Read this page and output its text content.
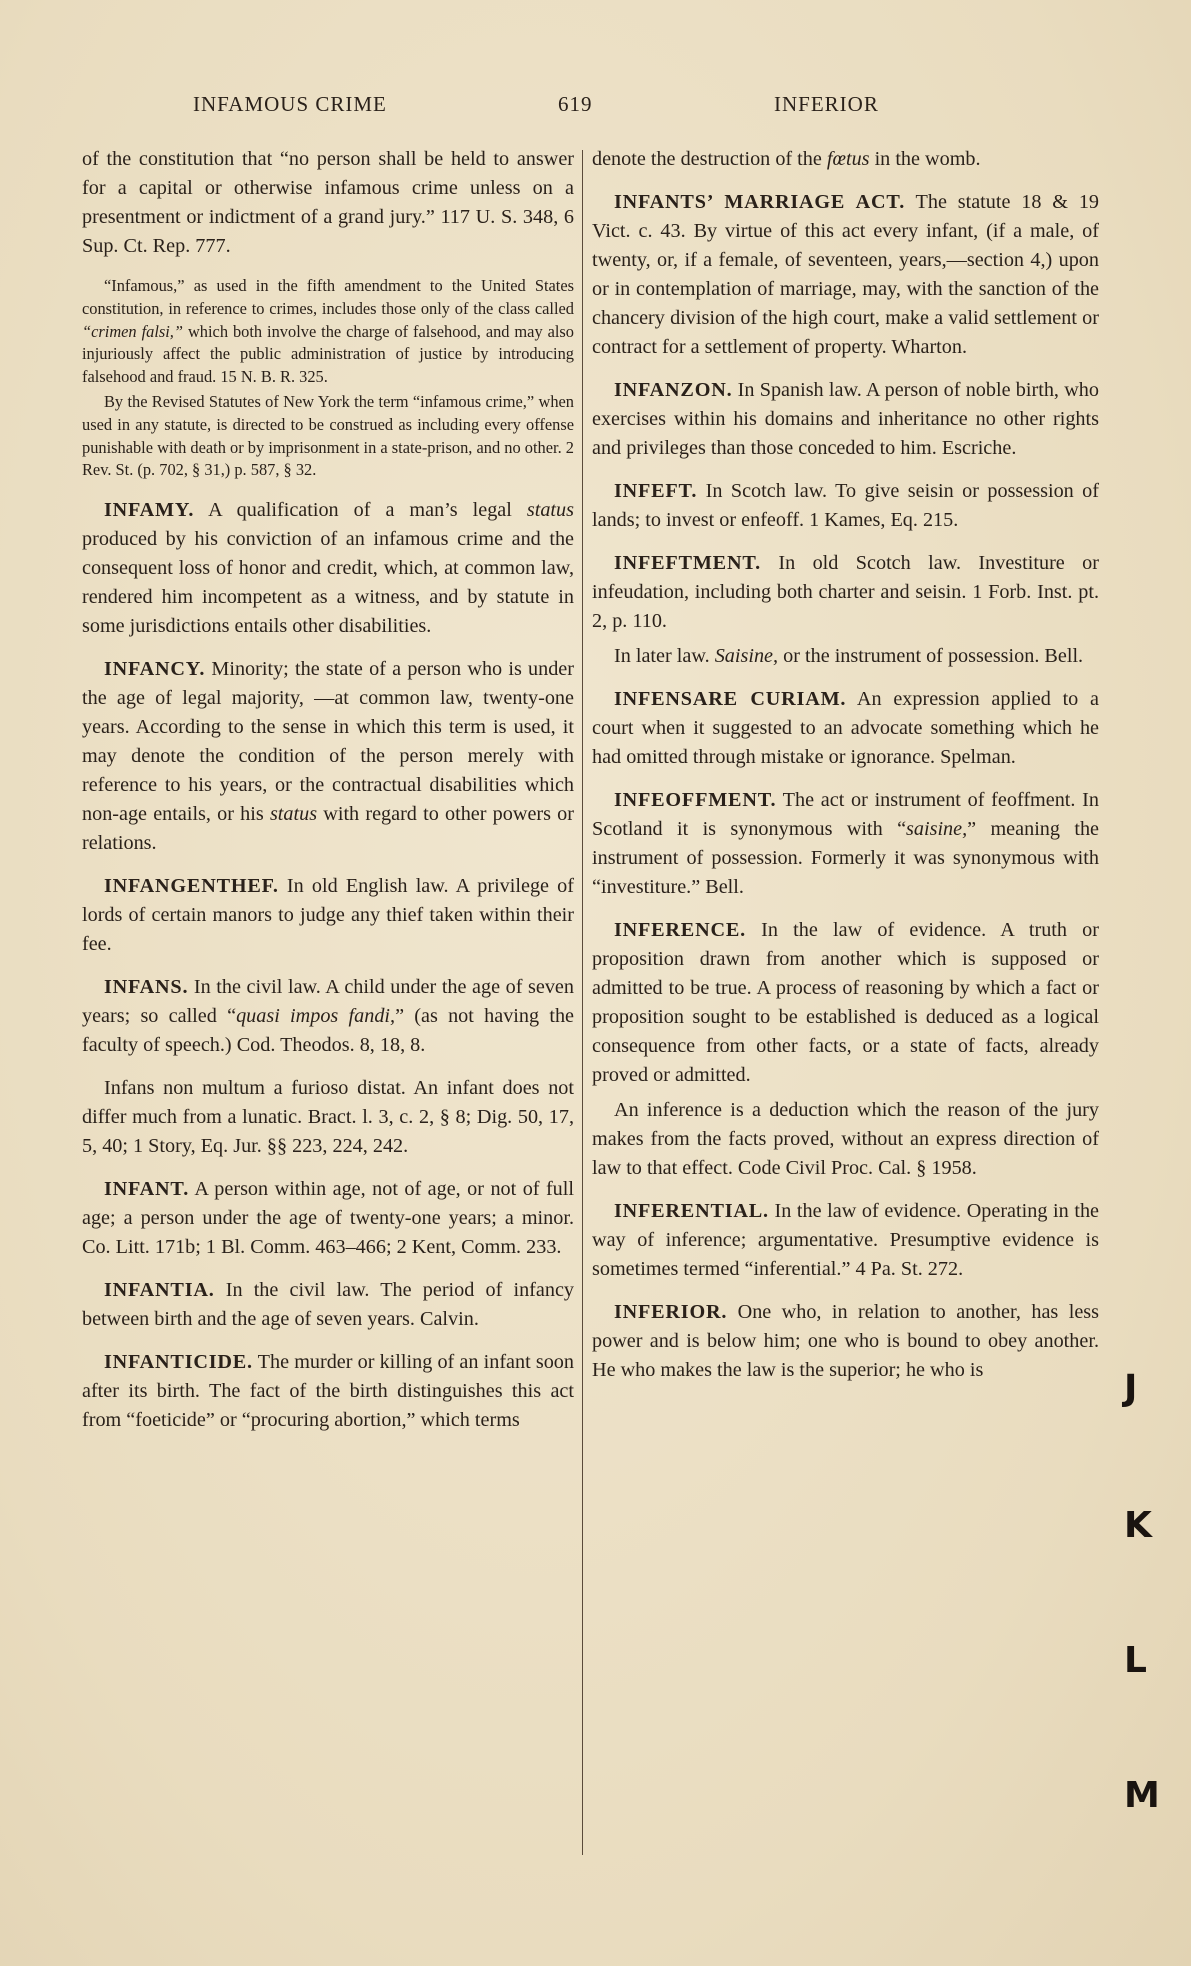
INFAMOUS CRIME	619	INFERIOR

of the constitution that “no person shall be held to answer for a capital or otherwise infamous crime unless on a presentment or indictment of a grand jury.” 117 U. S. 348, 6 Sup. Ct. Rep. 777.

“Infamous,” as used in the fifth amendment to the United States constitution, in reference to crimes, includes those only of the class called “crimen falsi,” which both involve the charge of falsehood, and may also injuriously affect the public administration of justice by introducing falsehood and fraud. 15 N. B. R. 325.

By the Revised Statutes of New York the term “infamous crime,” when used in any statute, is directed to be construed as including every offense punishable with death or by imprisonment in a state-prison, and no other. 2 Rev. St. (p. 702, § 31,) p. 587, § 32.

INFAMY. A qualification of a man’s legal status produced by his conviction of an infamous crime and the consequent loss of honor and credit, which, at common law, rendered him incompetent as a witness, and by statute in some jurisdictions entails other disabilities.

INFANCY. Minority; the state of a person who is under the age of legal majority, —at common law, twenty-one years. According to the sense in which this term is used, it may denote the condition of the person merely with reference to his years, or the contractual disabilities which non-age entails, or his status with regard to other powers or relations.

INFANGENTHEF. In old English law. A privilege of lords of certain manors to judge any thief taken within their fee.

INFANS. In the civil law. A child under the age of seven years; so called “quasi impos fandi,” (as not having the faculty of speech.) Cod. Theodos. 8, 18, 8.

Infans non multum a furioso distat. An infant does not differ much from a lunatic. Bract. l. 3, c. 2, § 8; Dig. 50, 17, 5, 40; 1 Story, Eq. Jur. §§ 223, 224, 242.

INFANT. A person within age, not of age, or not of full age; a person under the age of twenty-one years; a minor. Co. Litt. 171b; 1 Bl. Comm. 463–466; 2 Kent, Comm. 233.

INFANTIA. In the civil law. The period of infancy between birth and the age of seven years. Calvin.

INFANTICIDE. The murder or killing of an infant soon after its birth. The fact of the birth distinguishes this act from “foeticide” or “procuring abortion,” which terms

denote the destruction of the fœtus in the womb.

INFANTS’ MARRIAGE ACT. The statute 18 & 19 Vict. c. 43. By virtue of this act every infant, (if a male, of twenty, or, if a female, of seventeen, years,—section 4,) upon or in contemplation of marriage, may, with the sanction of the chancery division of the high court, make a valid settlement or contract for a settlement of property. Wharton.

INFANZON. In Spanish law. A person of noble birth, who exercises within his domains and inheritance no other rights and privileges than those conceded to him. Escriche.

INFEFT. In Scotch law. To give seisin or possession of lands; to invest or enfeoff. 1 Kames, Eq. 215.

INFEFTMENT. In old Scotch law. Investiture or infeudation, including both charter and seisin. 1 Forb. Inst. pt. 2, p. 110.

In later law. Saisine, or the instrument of possession. Bell.

INFENSARE CURIAM. An expression applied to a court when it suggested to an advocate something which he had omitted through mistake or ignorance. Spelman.

INFEOFFMENT. The act or instrument of feoffment. In Scotland it is synonymous with “saisine,” meaning the instrument of possession. Formerly it was synonymous with “investiture.” Bell.

INFERENCE. In the law of evidence. A truth or proposition drawn from another which is supposed or admitted to be true. A process of reasoning by which a fact or proposition sought to be established is deduced as a logical consequence from other facts, or a state of facts, already proved or admitted.

An inference is a deduction which the reason of the jury makes from the facts proved, without an express direction of law to that effect. Code Civil Proc. Cal. § 1958.

INFERENTIAL. In the law of evidence. Operating in the way of inference; argumentative. Presumptive evidence is sometimes termed “inferential.” 4 Pa. St. 272.

INFERIOR. One who, in relation to another, has less power and is below him; one who is bound to obey another. He who makes the law is the superior; he who is	J
K
L
M
